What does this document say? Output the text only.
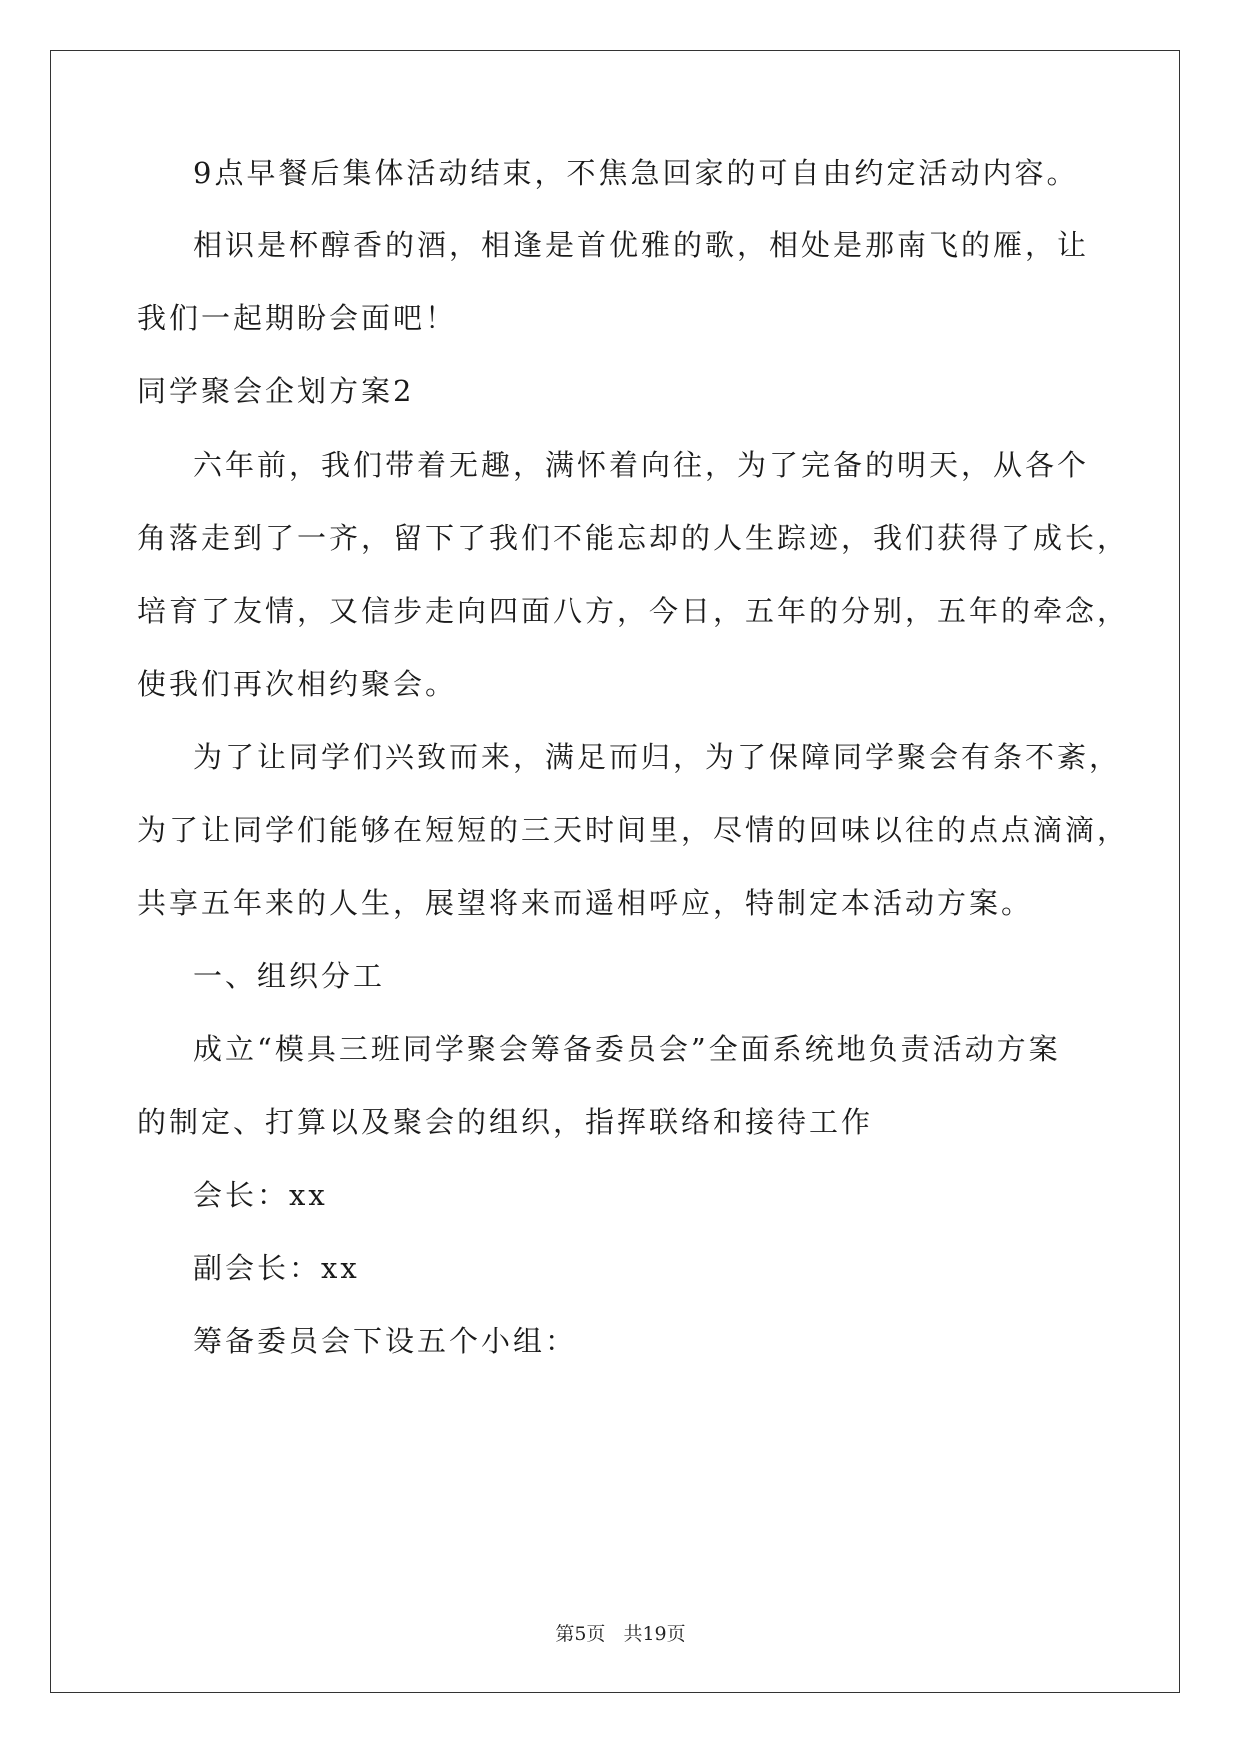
9点早餐后集体活动结束，不焦急回家的可自由约定活动内容。
相识是杯醇香的酒，相逢是首优雅的歌，相处是那南飞的雁，让
我们一起期盼会面吧！
同学聚会企划方案2
六年前，我们带着无趣，满怀着向往，为了完备的明天，从各个
角落走到了一齐，留下了我们不能忘却的人生踪迹，我们获得了成长，
培育了友情，又信步走向四面八方，今日，五年的分别，五年的牵念，
使我们再次相约聚会。
为了让同学们兴致而来，满足而归，为了保障同学聚会有条不紊，
为了让同学们能够在短短的三天时间里，尽情的回味以往的点点滴滴，
共享五年来的人生，展望将来而遥相呼应，特制定本活动方案。
一、组织分工
成立“模具三班同学聚会筹备委员会”全面系统地负责活动方案
的制定、打算以及聚会的组织，指挥联络和接待工作
会长：xx
副会长：xx
筹备委员会下设五个小组：
第5页 共19页
